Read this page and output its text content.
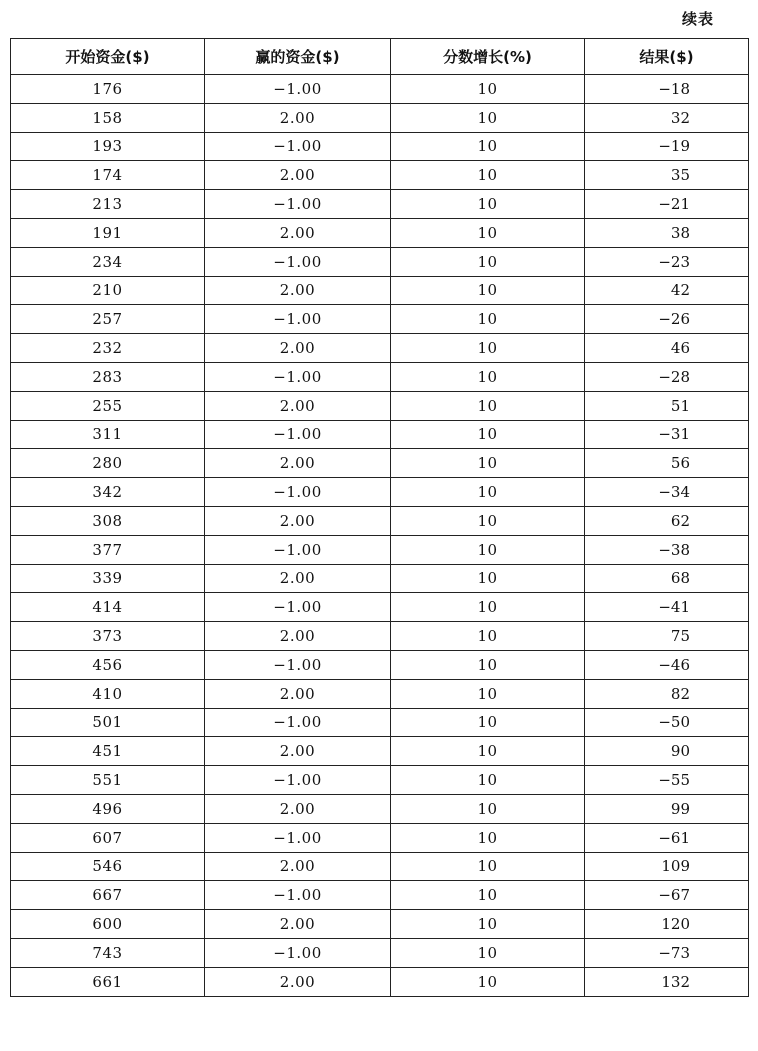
续表
开始资金($)	赢的资金($)	分数增长(%)	结果($)
176	−1.00	10	−18
158	2.00	10	32
193	−1.00	10	−19
174	2.00	10	35
213	−1.00	10	−21
191	2.00	10	38
234	−1.00	10	−23
210	2.00	10	42
257	−1.00	10	−26
232	2.00	10	46
283	−1.00	10	−28
255	2.00	10	51
311	−1.00	10	−31
280	2.00	10	56
342	−1.00	10	−34
308	2.00	10	62
377	−1.00	10	−38
339	2.00	10	68
414	−1.00	10	−41
373	2.00	10	75
456	−1.00	10	−46
410	2.00	10	82
501	−1.00	10	−50
451	2.00	10	90
551	−1.00	10	−55
496	2.00	10	99
607	−1.00	10	−61
546	2.00	10	109
667	−1.00	10	−67
600	2.00	10	120
743	−1.00	10	−73
661	2.00	10	132
